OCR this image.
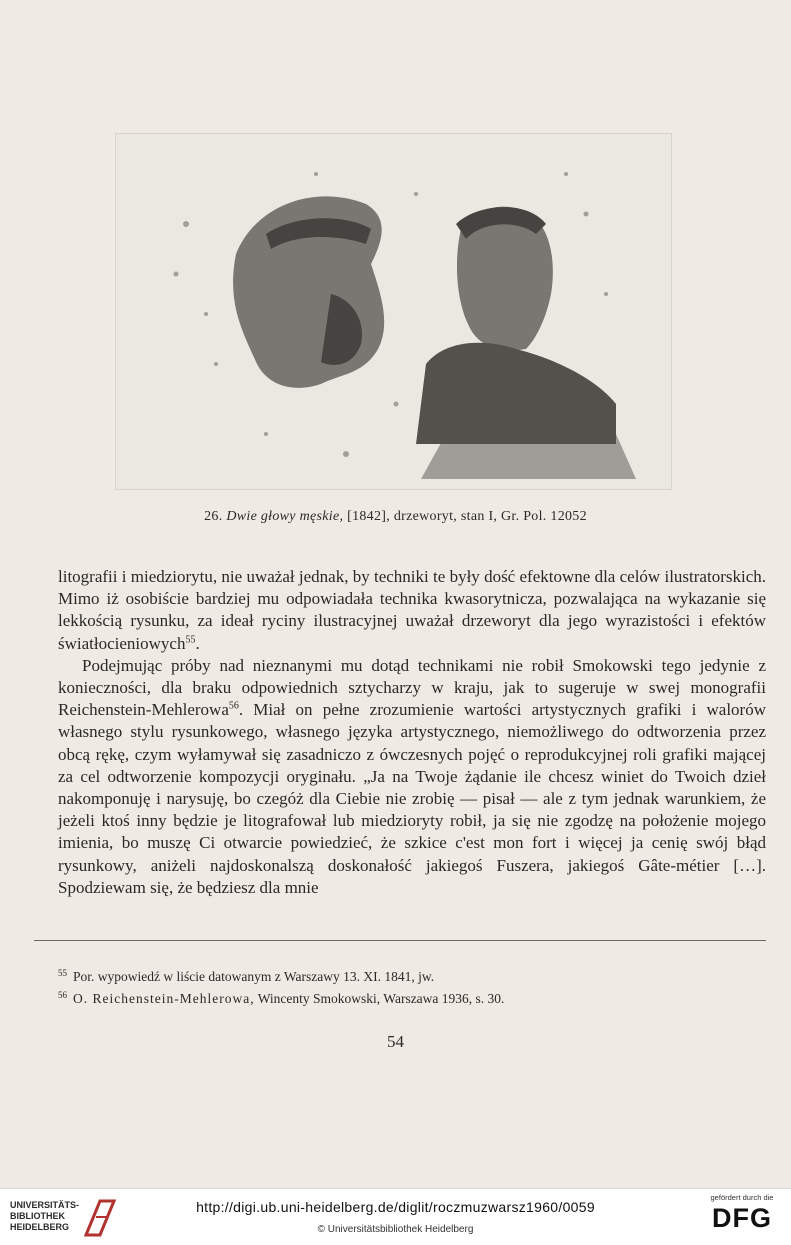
26. Dwie głowy męskie, [1842], drzeworyt, stan I, Gr. Pol. 12052

litografii i miedziorytu, nie uważał jednak, by techniki te były dość efektowne dla celów ilustratorskich. Mimo iż osobiście bardziej mu odpowiadała technika kwasorytnicza, pozwalająca na wykazanie się lekkością rysunku, za ideał ryciny ilustracyjnej uważał drzeworyt dla jego wyrazistości i efektów światłocieniowych$^{55}$.

Podejmując próby nad nieznanymi mu dotąd technikami nie robił Smokowski tego jedynie z konieczności, dla braku odpowiednich sztycharzy w kraju, jak to sugeruje w swej monografii Reichenstein-Mehlerowa$^{56}$. Miał on pełne zrozumienie wartości artystycznych grafiki i walorów własnego stylu rysunkowego, własnego języka artystycznego, niemożliwego do odtworzenia przez obcą rękę, czym wyłamywał się zasadniczo z ówczesnych pojęć o reprodukcyjnej roli grafiki mającej za cel odtworzenie kompozycji oryginału. „Ja na Twoje żądanie ile chcesz winiet do Twoich dzieł nakomponuję i narysuję, bo czegóż dla Ciebie nie zrobię — pisał — ale z tym jednak warunkiem, że jeżeli ktoś inny będzie je litografował lub miedzioryty robił, ja się nie zgodzę na położenie mojego imienia, bo muszę Ci otwarcie powiedzieć, że szkice c'est mon fort i więcej ja cenię swój błąd rysunkowy, aniżeli najdoskonalszą doskonałość jakiegoś Fuszera, jakiegoś Gâte-métier […]. Spodziewam się, że będziesz dla mnie

$^{55}$ Por. wypowiedź w liście datowanym z Warszawy 13. XI. 1841, jw.
$^{56}$ O. Reichenstein-Mehlerowa, Wincenty Smokowski, Warszawa 1936, s. 30.
54
UNIVERSITÄTS-
BIBLIOTHEK
HEIDELBERG
http://digi.ub.uni-heidelberg.de/diglit/roczmuzwarsz1960/0059
© Universitätsbibliothek Heidelberg
gefördert durch die
DFG
